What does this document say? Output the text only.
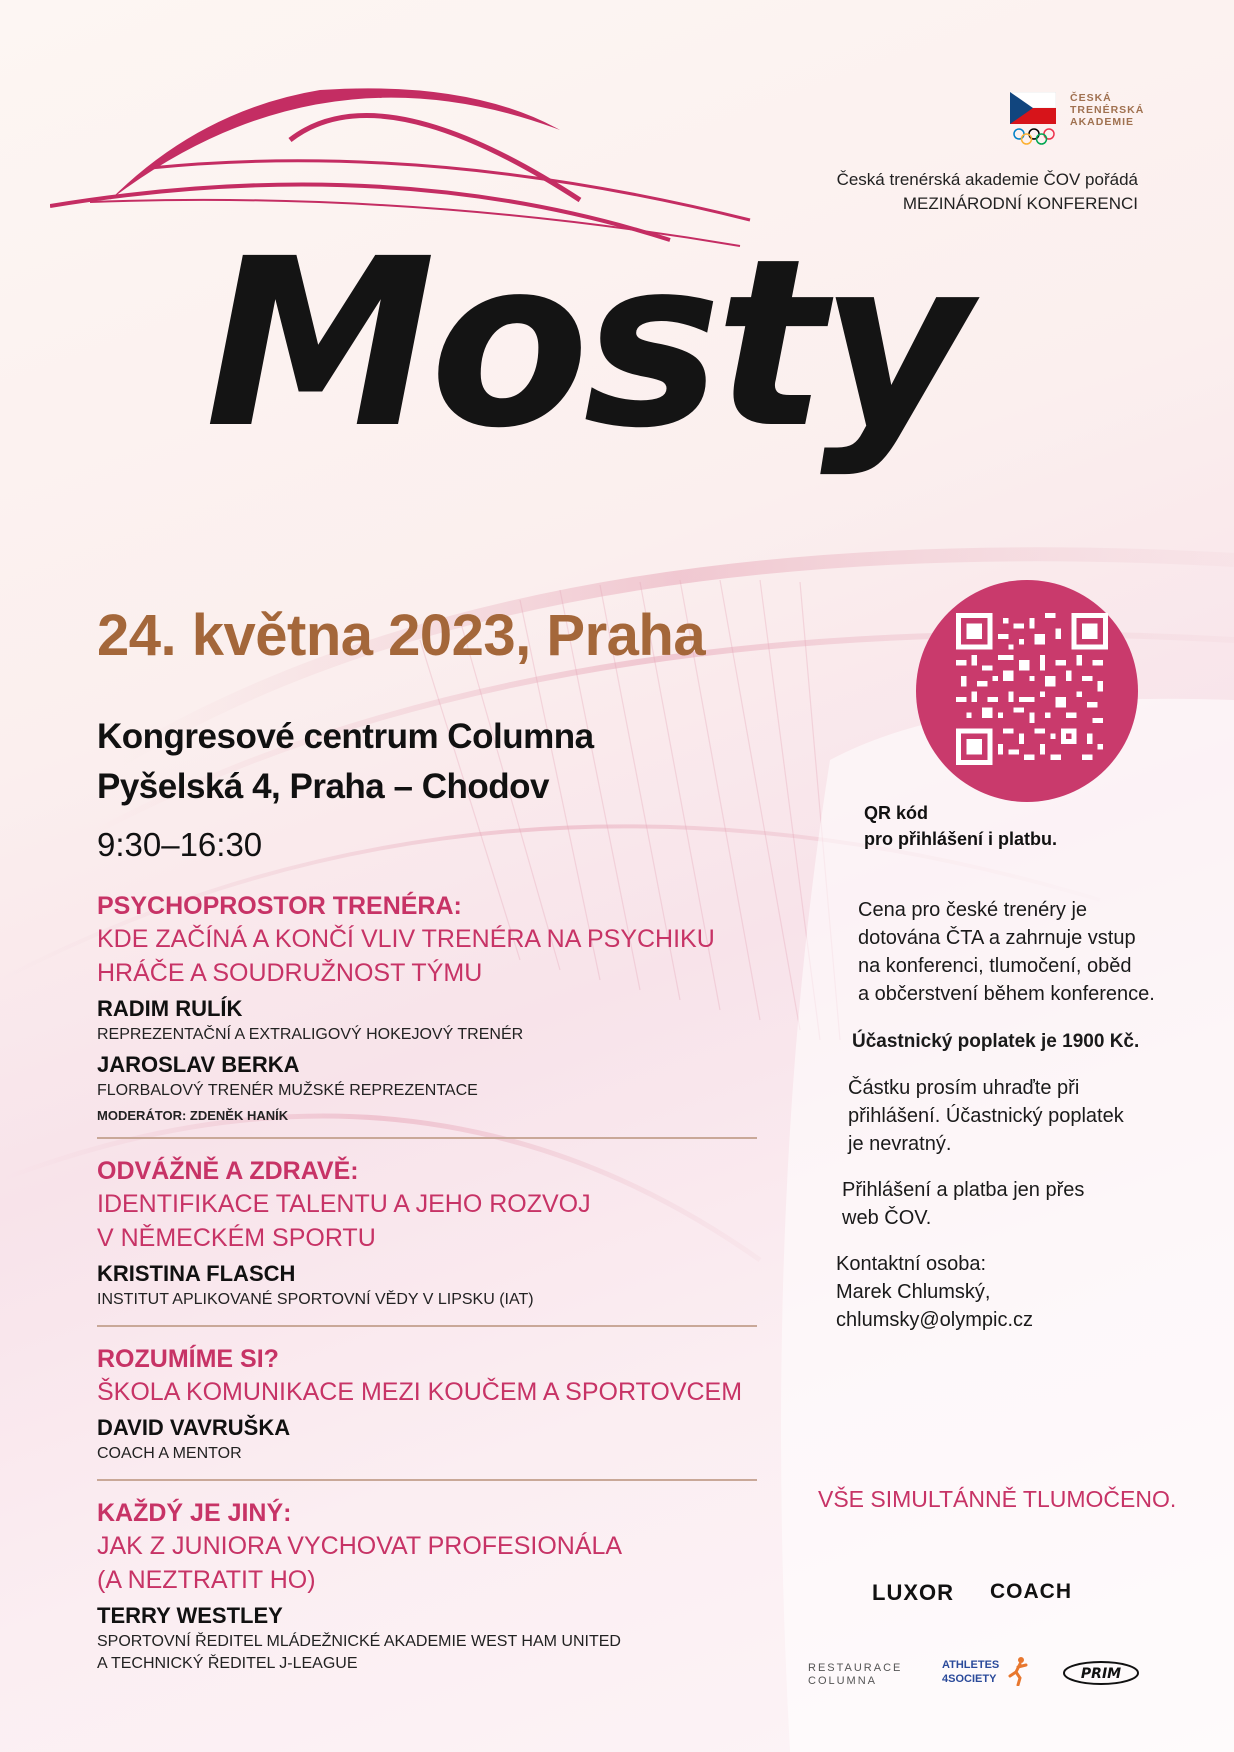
Mosty
ČESKÁ
TRENÉRSKÁ
AKADEMIE
Česká trenérská akademie ČOV pořádá
MEZINÁRODNÍ KONFERENCI
24. května 2023, Praha
Kongresové centrum Columna
Pyšelská 4, Praha – Chodov
9:30–16:30
PSYCHOPROSTOR TRENÉRA:
KDE ZAČÍNÁ A KONČÍ VLIV TRENÉRA NA PSYCHIKU
HRÁČE A SOUDRUŽNOST TÝMU
RADIM RULÍK
REPREZENTAČNÍ A EXTRALIGOVÝ HOKEJOVÝ TRENÉR
JAROSLAV BERKA
FLORBALOVÝ TRENÉR MUŽSKÉ REPREZENTACE
MODERÁTOR: ZDENĚK HANÍK
ODVÁŽNĚ A ZDRAVĚ:
IDENTIFIKACE TALENTU A JEHO ROZVOJ
V NĚMECKÉM SPORTU
KRISTINA FLASCH
INSTITUT APLIKOVANÉ SPORTOVNÍ VĚDY V LIPSKU (IAT)
ROZUMÍME SI?
ŠKOLA KOMUNIKACE MEZI KOUČEM A SPORTOVCEM
DAVID VAVRUŠKA
COACH A MENTOR
KAŽDÝ JE JINÝ:
JAK Z JUNIORA VYCHOVAT PROFESIONÁLA
(A NEZTRATIT HO)
TERRY WESTLEY
SPORTOVNÍ ŘEDITEL MLÁDEŽNICKÉ AKADEMIE WEST HAM UNITED
A TECHNICKÝ ŘEDITEL J-LEAGUE
QR kód
pro přihlášení i platbu.
Cena pro české trenéry je
dotována ČTA a zahrnuje vstup
na konferenci, tlumočení, oběd
a občerstvení během konference.
Účastnický poplatek je 1900 Kč.
Částku prosím uhraďte při
přihlášení. Účastnický poplatek
je nevratný.
Přihlášení a platba jen přes
web ČOV.
Kontaktní osoba:
Marek Chlumský,
chlumsky@olympic.cz
VŠE SIMULTÁNNĚ TLUMOČENO.
LUXOR COACH
RESTAURACE
COLUMNA
ATHLETES
4SOCIETY	PRIM
